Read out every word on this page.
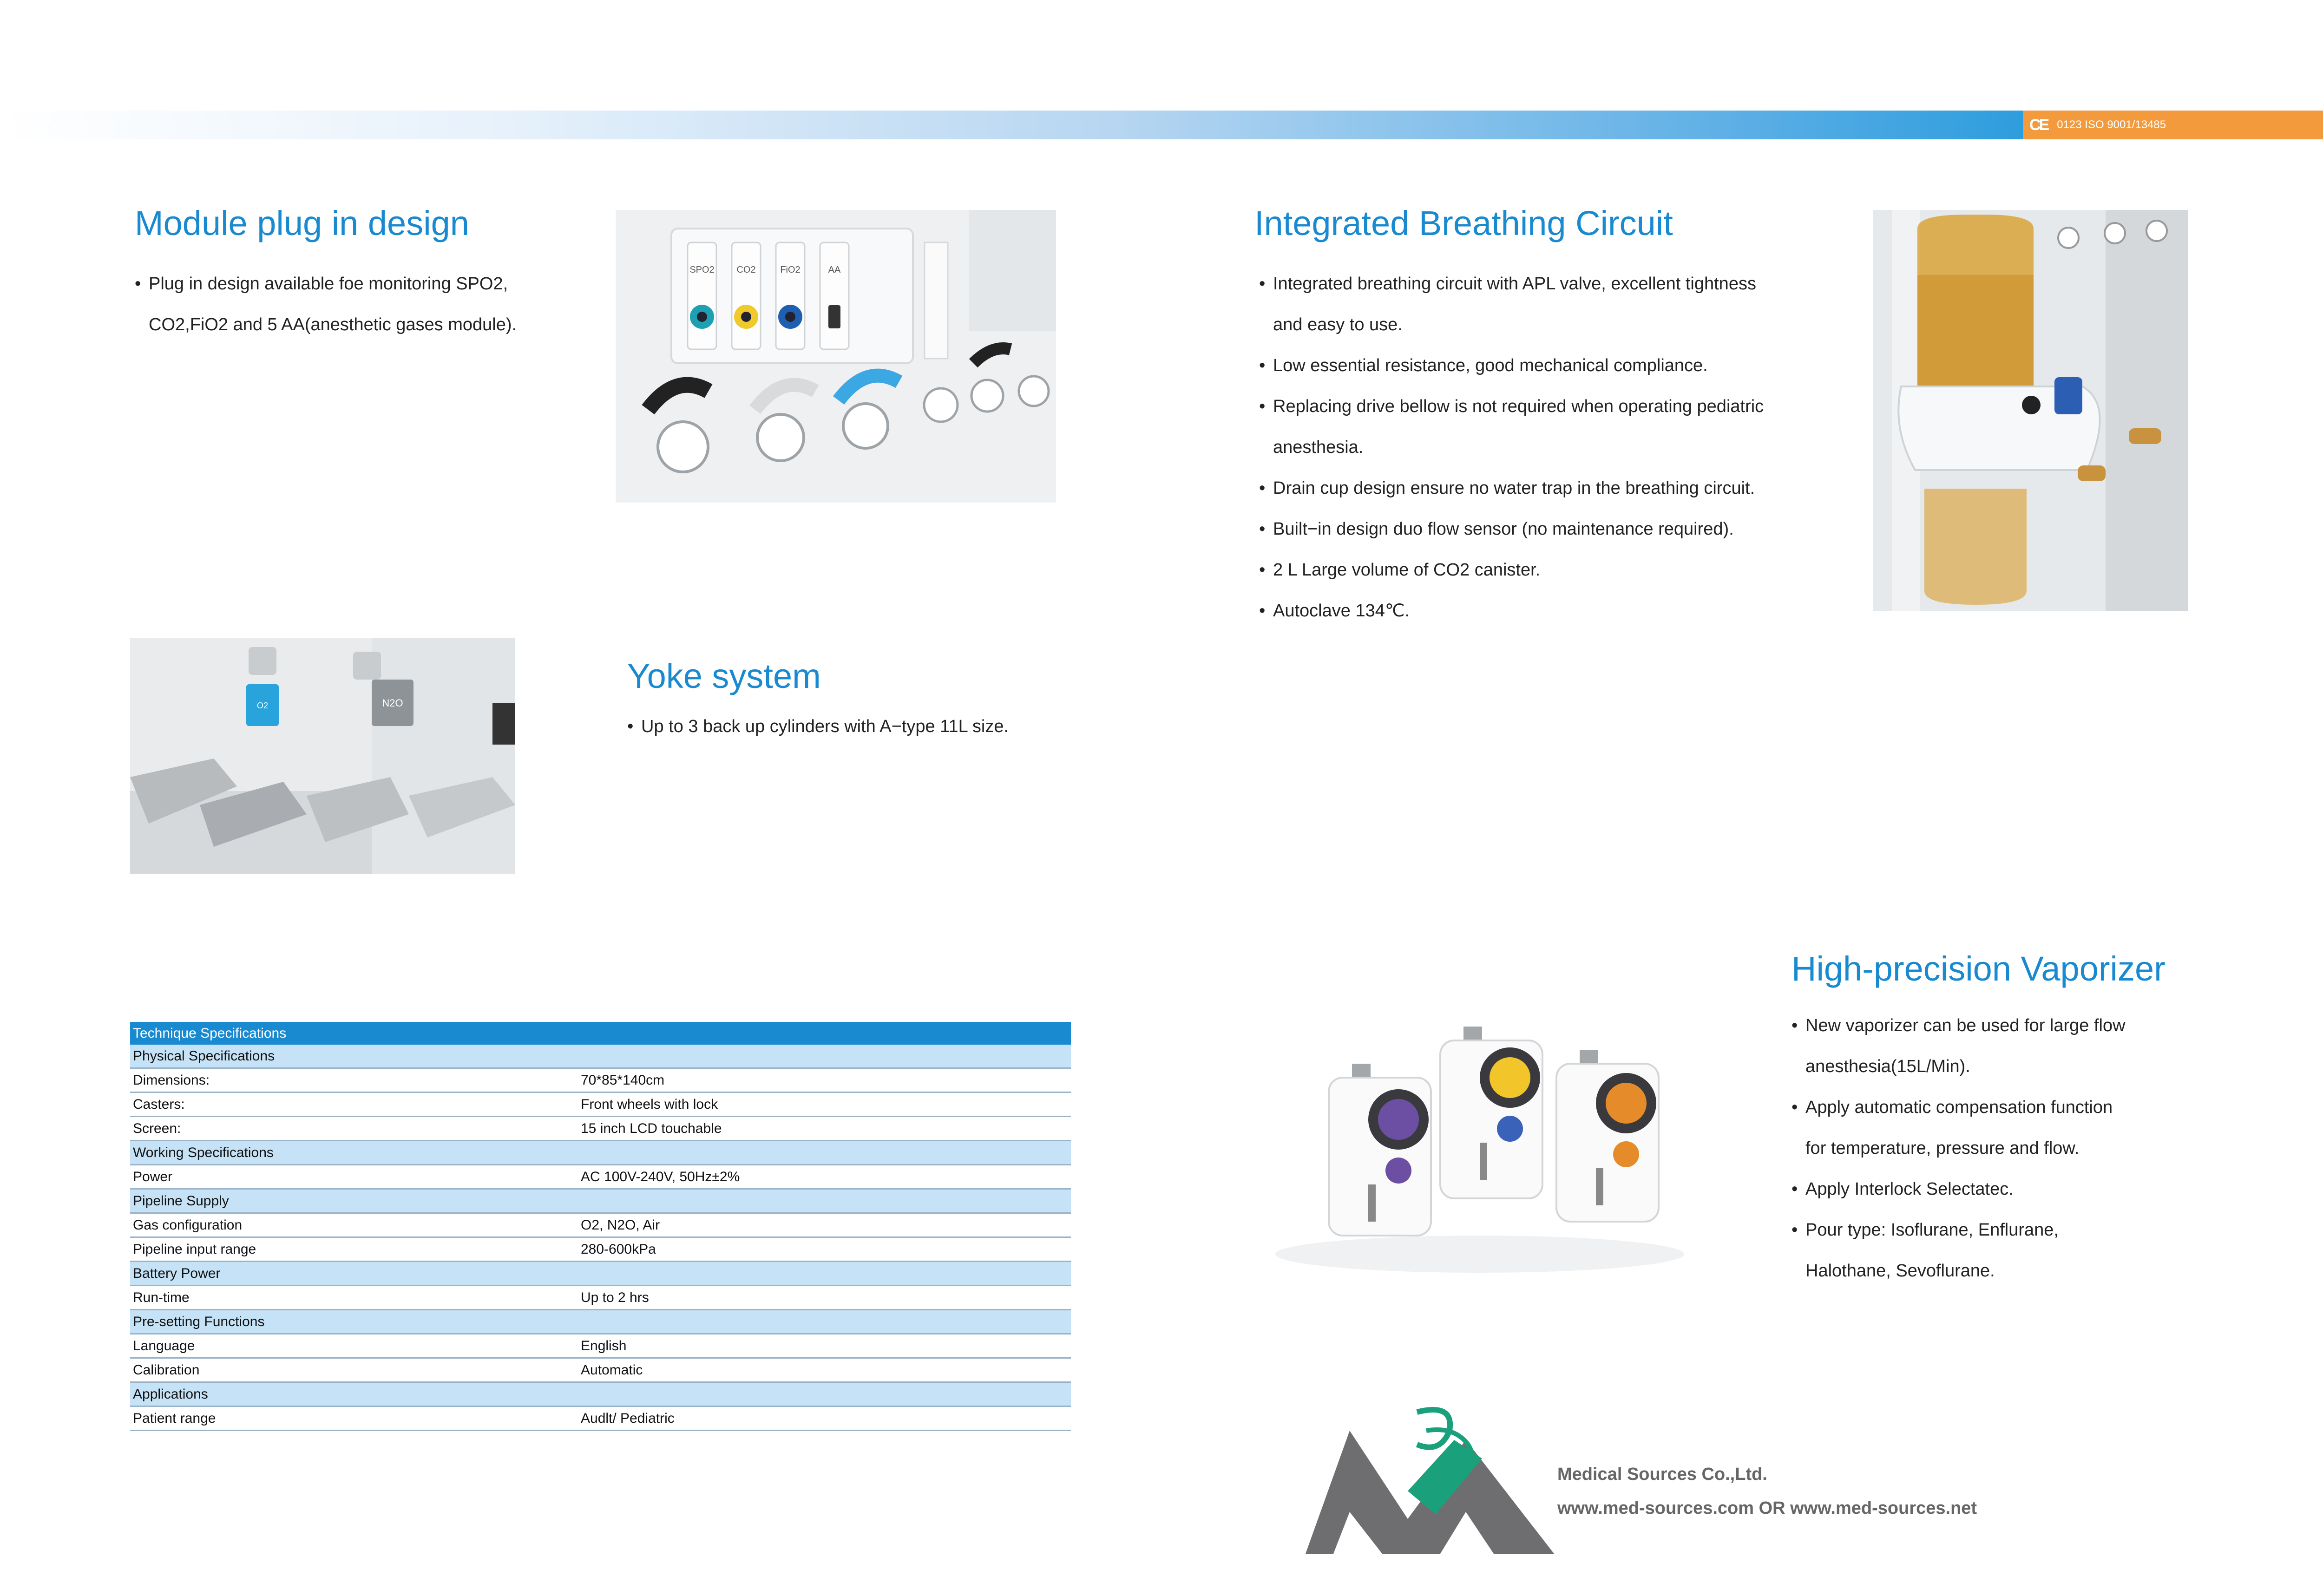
CE 0123 ISO 9001/13485
Module plug in design
• Plug in design available foe monitoring SPO2,
CO2,FiO2 and 5 AA(anesthetic gases module).
SPO2 CO2	FiO2	AA
Integrated Breathing Circuit
• Integrated breathing circuit with APL valve, excellent tightness
and easy to use.
• Low essential resistance, good mechanical compliance.
• Replacing drive bellow is not required when operating pediatric
anesthesia.
• Drain cup design ensure no water trap in the breathing circuit.
• Built−in design duo flow sensor (no maintenance required).
• 2 L Large volume of CO2 canister.
• Autoclave 134℃.
O2	N2O
Yoke system
• Up to 3 back up cylinders with A−type 11L size.
High-precision Vaporizer
• New vaporizer can be used for large flow
anesthesia(15L/Min).
• Apply automatic compensation function
for temperature, pressure and flow.
• Apply Interlock Selectatec.
• Pour type: Isoflurane, Enflurane,
Halothane, Sevoflurane.
Technique Specifications	
Physical Specifications	
Dimensions:	70*85*140cm
Casters:	Front wheels with lock
Screen:	15 inch LCD touchable
Working Specifications	
Power	AC 100V-240V, 50Hz±2%
Pipeline Supply	
Gas configuration	O2, N2O, Air
Pipeline input range	280-600kPa
Battery Power	
Run-time	Up to 2 hrs
Pre-setting Functions	
Language	English
Calibration	Automatic
Applications	
Patient range	Audlt/ Pediatric
Medical Sources Co.,Ltd.
www.med-sources.com OR www.med-sources.net
